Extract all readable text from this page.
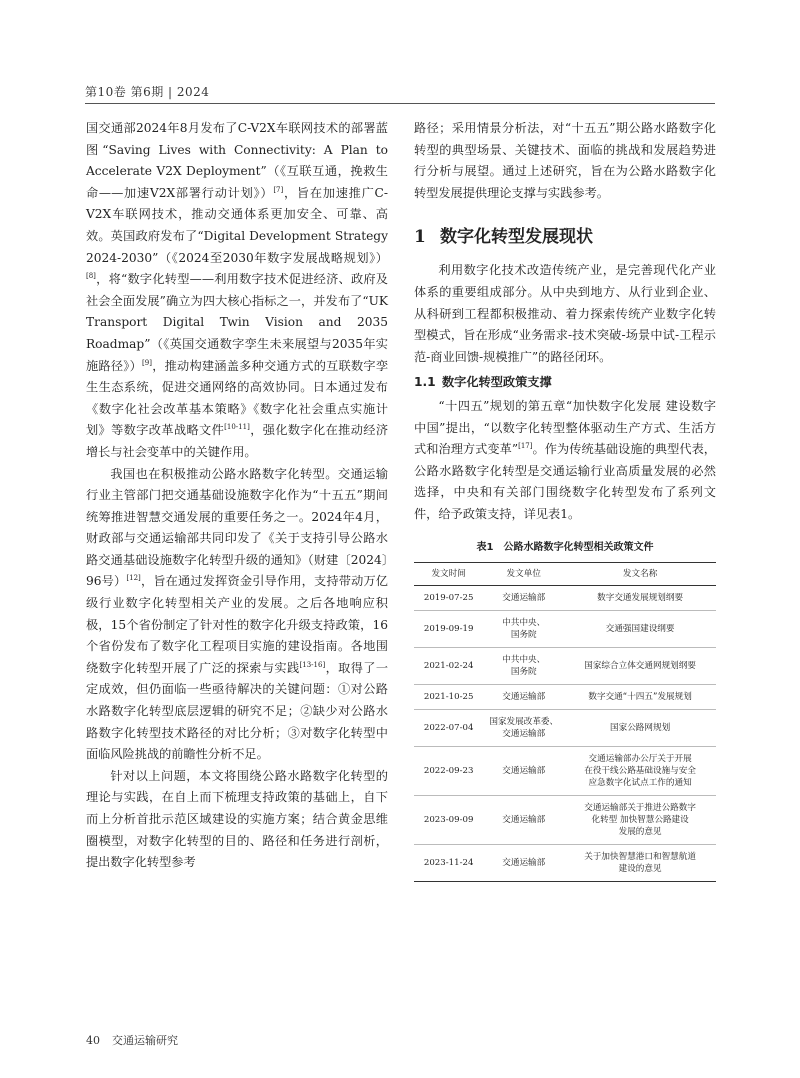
第10卷 第6期 | 2024

国交通部2024年8月发布了C-V2X车联网技术的部署蓝图“Saving Lives with Connectivity: A Plan to Accelerate V2X Deployment”（《互联互通，挽救生命——加速V2X部署行动计划》）[7]，旨在加速推广C-V2X车联网技术，推动交通体系更加安全、可靠、高效。英国政府发布了“Digital Development Strategy 2024-2030”（《2024至2030年数字发展战略规划》）[8]，将“数字化转型——利用数字技术促进经济、政府及社会全面发展”确立为四大核心指标之一，并发布了“UK Transport Digital Twin Vision and 2035 Roadmap”（《英国交通数字孪生未来展望与2035年实施路径》）[9]，推动构建涵盖多种交通方式的互联数字孪生生态系统，促进交通网络的高效协同。日本通过发布《数字化社会改革基本策略》《数字化社会重点实施计划》等数字改革战略文件[10-11]，强化数字化在推动经济增长与社会变革中的关键作用。

我国也在积极推动公路水路数字化转型。交通运输行业主管部门把交通基础设施数字化作为“十五五”期间统筹推进智慧交通发展的重要任务之一。2024年4月，财政部与交通运输部共同印发了《关于支持引导公路水路交通基础设施数字化转型升级的通知》（财建〔2024〕96号）[12]，旨在通过发挥资金引导作用，支持带动万亿级行业数字化转型相关产业的发展。之后各地响应积极，15个省份制定了针对性的数字化升级支持政策，16个省份发布了数字化工程项目实施的建设指南。各地围绕数字化转型开展了广泛的探索与实践[13-16]，取得了一定成效，但仍面临一些亟待解决的关键问题：①对公路水路数字化转型底层逻辑的研究不足；②缺少对公路水路数字化转型技术路径的对比分析；③对数字化转型中面临风险挑战的前瞻性分析不足。

针对以上问题，本文将围绕公路水路数字化转型的理论与实践，在自上而下梳理支持政策的基础上，自下而上分析首批示范区域建设的实施方案；结合黄金思维圈模型，对数字化转型的目的、路径和任务进行剖析，提出数字化转型参考

路径；采用情景分析法，对“十五五”期公路水路数字化转型的典型场景、关键技术、面临的挑战和发展趋势进行分析与展望。通过上述研究，旨在为公路水路数字化转型发展提供理论支撑与实践参考。

1 数字化转型发展现状

利用数字化技术改造传统产业，是完善现代化产业体系的重要组成部分。从中央到地方、从行业到企业、从科研到工程都积极推动、着力探索传统产业数字化转型模式，旨在形成“业务需求-技术突破-场景中试-工程示范-商业回馈-规模推广”的路径闭环。

1.1 数字化转型政策支撑

“十四五”规划的第五章“加快数字化发展 建设数字中国”提出，“以数字化转型整体驱动生产方式、生活方式和治理方式变革”[17]。作为传统基础设施的典型代表，公路水路数字化转型是交通运输行业高质量发展的必然选择，中央和有关部门围绕数字化转型发布了系列文件，给予政策支持，详见表1。

表1　公路水路数字化转型相关政策文件
发文时间	发文单位	发文名称
2019-07-25	交通运输部	数字交通发展规划纲要
2019-09-19	中共中央、
国务院	交通强国建设纲要
2021-02-24	中共中央、
国务院	国家综合立体交通网规划纲要
2021-10-25	交通运输部	数字交通“十四五”发展规划
2022-07-04	国家发展改革委、
交通运输部	国家公路网规划
2022-09-23	交通运输部	交通运输部办公厅关于开展
在役干线公路基础设施与安全
应急数字化试点工作的通知
2023-09-09	交通运输部	交通运输部关于推进公路数字
化转型 加快智慧公路建设
发展的意见
2023-11-24	交通运输部	关于加快智慧港口和智慧航道
建设的意见
40 交通运输研究
